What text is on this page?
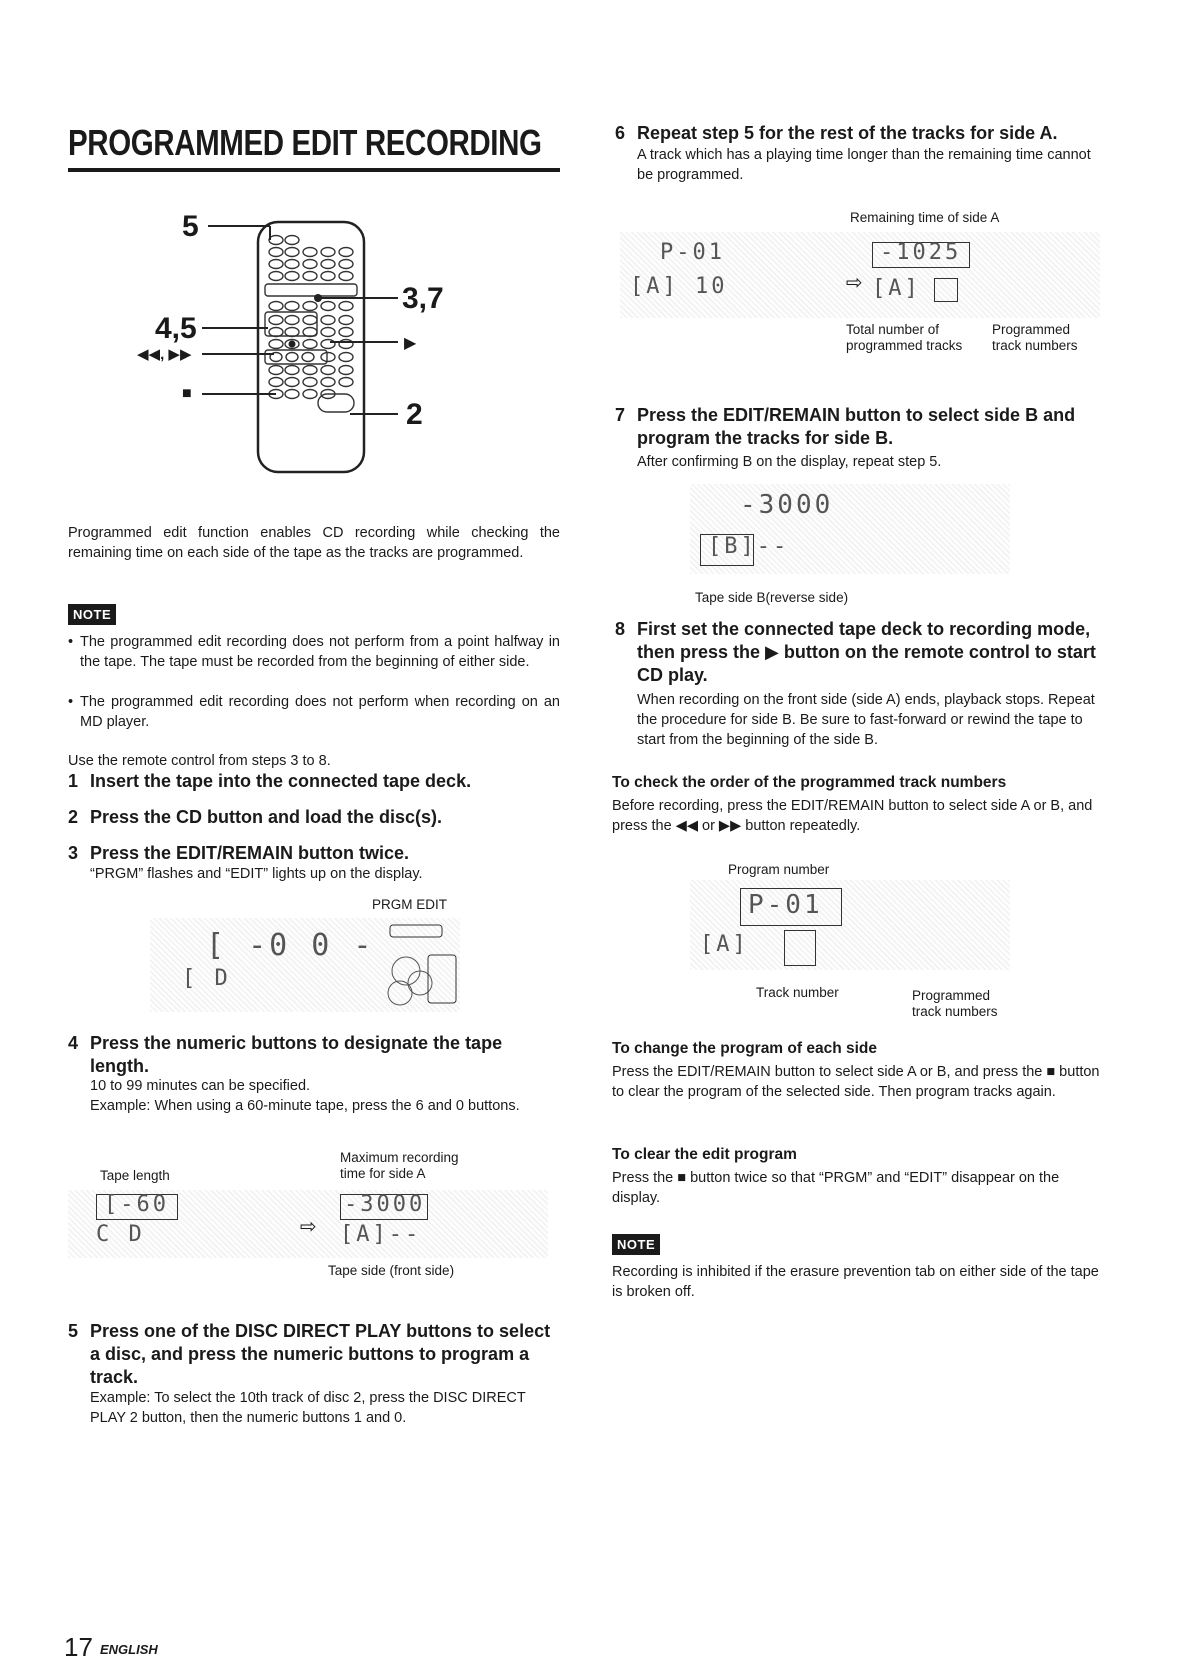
PROGRAMMED EDIT RECORDING
5
4,5
◀◀, ▶▶
■
3,7
▶
2
Programmed edit function enables CD recording while checking the remaining time on each side of the tape as the tracks are programmed.
NOTE
• The programmed edit recording does not perform from a point halfway in the tape. The tape must be recorded from the beginning of either side.
• The programmed edit recording does not perform when recording on an MD player.
Use the remote control from steps 3 to 8.
1 Insert the tape into the connected tape deck.
2 Press the CD button and load the disc(s).
3 Press the EDIT/REMAIN button twice.
“PRGM” flashes and “EDIT” lights up on the display.
PRGM EDIT
[ -0 0 -
[ D
4 Press the numeric buttons to designate the tape length.
10 to 99 minutes can be specified.
Example: When using a 60-minute tape, press the 6 and 0 buttons.
Tape length
Maximum recording time for side A
[-60
C D	⇨
-3000
[A]--
Tape side (front side)
5 Press one of the DISC DIRECT PLAY buttons to select a disc, and press the numeric buttons to program a track.
Example: To select the 10th track of disc 2, press the DISC DIRECT PLAY 2 button, then the numeric buttons 1 and 0.
6 Repeat step 5 for the rest of the tracks for side A.
A track which has a playing time longer than the remaining time cannot be programmed.
Remaining time of side A
P-01
[A] 10	⇨
-1025
[A]
Total number of programmed tracks
Programmed track numbers
7 Press the EDIT/REMAIN button to select side B and program the tracks for side B.
After confirming B on the display, repeat step 5.
-3000
[B]--
Tape side B(reverse side)
8 First set the connected tape deck to recording mode, then press the ▶ button on the remote control to start CD play.
When recording on the front side (side A) ends, playback stops. Repeat the procedure for side B. Be sure to fast-forward or rewind the tape to start from the beginning of the side B.
To check the order of the programmed track numbers
Before recording, press the EDIT/REMAIN button to select side A or B, and press the ◀◀ or ▶▶ button repeatedly.
Program number
P-01
[A]
Track number	Programmed track numbers
To change the program of each side
Press the EDIT/REMAIN button to select side A or B, and press the ■ button to clear the program of the selected side. Then program tracks again.
To clear the edit program
Press the ■ button twice so that “PRGM” and “EDIT” disappear on the display.
NOTE
Recording is inhibited if the erasure prevention tab on either side of the tape is broken off.
17 ENGLISH
